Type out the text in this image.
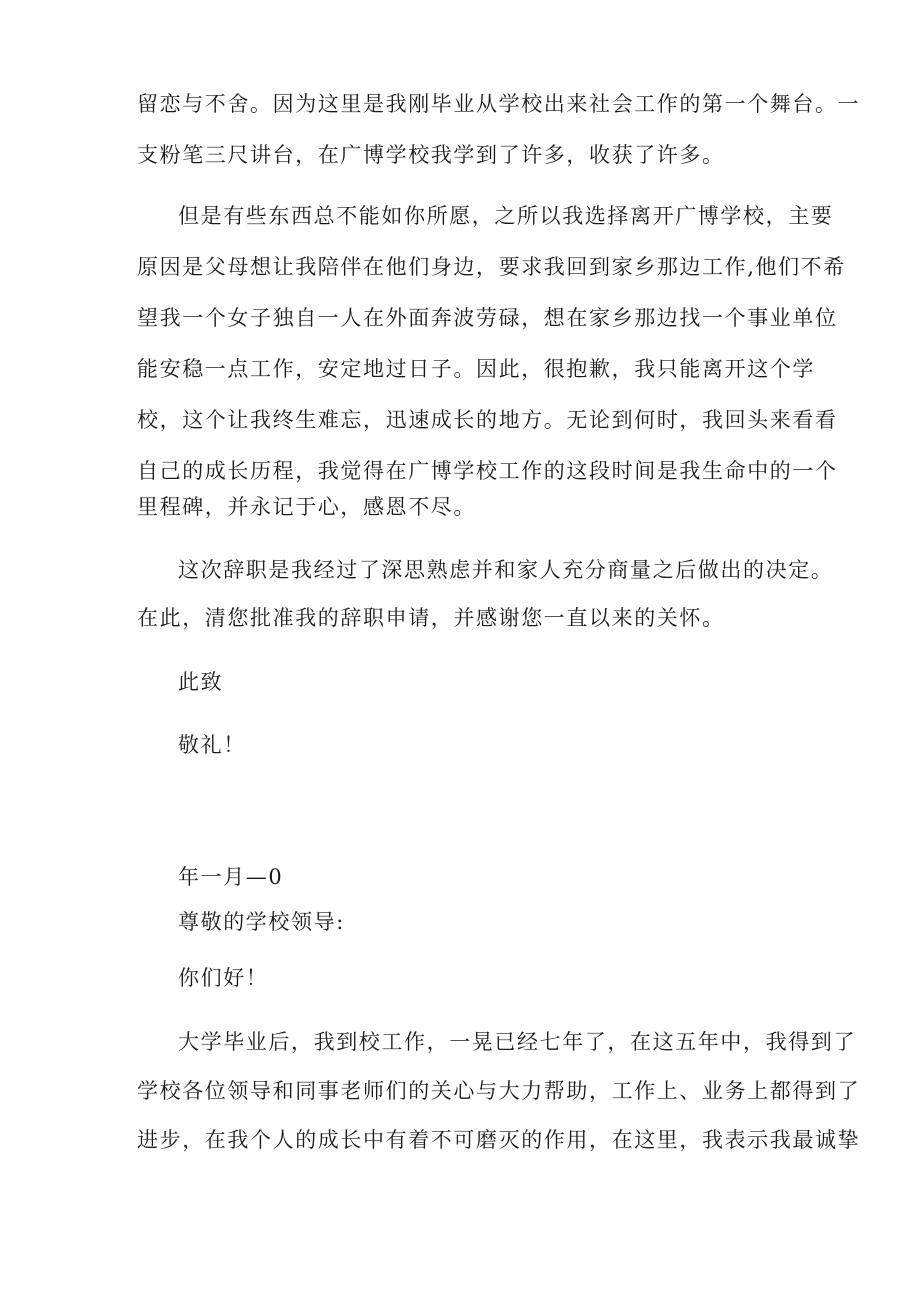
留恋与不舍。因为这里是我刚毕业从学校出来社会工作的第一个舞台。一
支粉笔三尺讲台，在广博学校我学到了许多，收获了许多。
但是有些东西总不能如你所愿，之所以我选择离开广博学校，主要
原因是父母想让我陪伴在他们身边，要求我回到家乡那边工作,他们不希
望我一个女子独自一人在外面奔波劳碌，想在家乡那边找一个事业单位
能安稳一点工作，安定地过日子。因此，很抱歉，我只能离开这个学
校，这个让我终生难忘，迅速成长的地方。无论到何时，我回头来看看
自己的成长历程，我觉得在广博学校工作的这段时间是我生命中的一个
里程碑，并永记于心，感恩不尽。
这次辞职是我经过了深思熟虑并和家人充分商量之后做出的决定。
在此，清您批准我的辞职申请，并感谢您一直以来的关怀。
此致
敬礼！
年一月—0
尊敬的学校领导:
你们好！
大学毕业后，我到校工作，一晃已经七年了，在这五年中，我得到了
学校各位领导和同事老师们的关心与大力帮助，工作上、业务上都得到了
进步，在我个人的成长中有着不可磨灭的作用，在这里，我表示我最诚挚
